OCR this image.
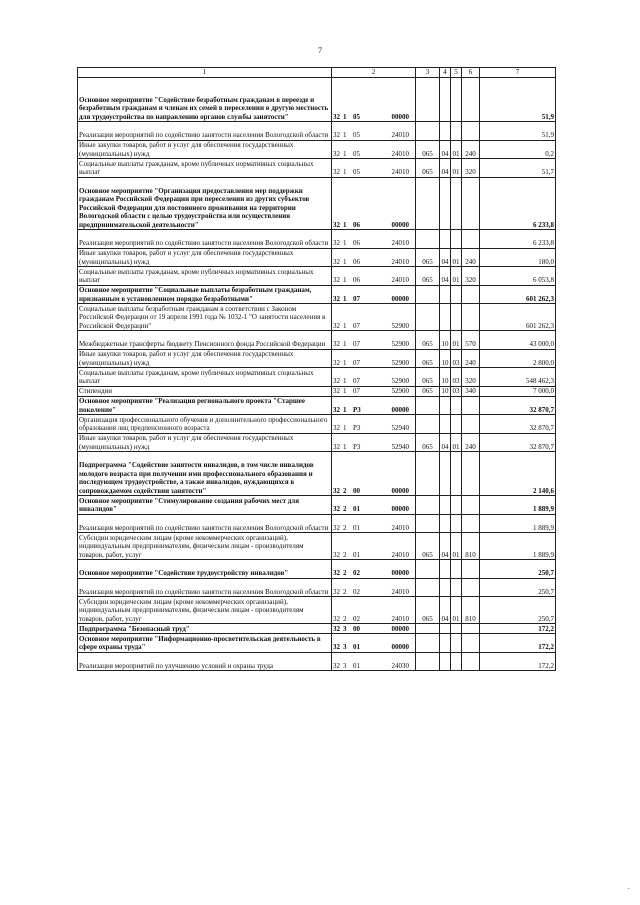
7
1	2	3	4	5	6	7
Основное мероприятие "Содействие безработным гражданам в переезде и безработным гражданам и членам их семей в переселении в другую местность для трудоустройства по направлению органов службы занятости"	32 1 05 00000					51,9
Реализация мероприятий по содействию занятости населения Вологодской области	32 1 05 24010					51,9
Иные закупки товаров, работ и услуг для обеспечения государственных (муниципальных) нужд	32 1 05 24010	065	04	01	240	0,2
Социальные выплаты гражданам, кроме публичных нормативных социальных выплат	32 1 05 24010	065	04	01	320	51,7
Основное мероприятие "Организация предоставления мер поддержки гражданам Российской Федерации при переселении из других субъектов Российской Федерации для постоянного проживания на территории Вологодской области с целью трудоустройства или осуществления предпринимательской деятельности"	32 1 06 00000					6 233,8
Реализация мероприятий по содействию занятости населения Вологодской области	32 1 06 24010					6 233,8
Иные закупки товаров, работ и услуг для обеспечения государственных (муниципальных) нужд	32 1 06 24010	065	04	01	240	180,0
Социальные выплаты гражданам, кроме публичных нормативных социальных выплат	32 1 06 24010	065	04	01	320	6 053,8
Основное мероприятие "Социальные выплаты безработным гражданам, признанным в установленном порядке безработными"	32 1 07 00000					601 262,3
Социальные выплаты безработным гражданам в соответствии с Законом Российской Федерации от 19 апреля 1991 года № 1032-1 "О занятости населения в Российской Федерации"	32 1 07 52900					601 262,3
Межбюджетные трансферты бюджету Пенсионного фонда Российской Федерации	32 1 07 52900	065	10	01	570	43 000,0
Иные закупки товаров, работ и услуг для обеспечения государственных (муниципальных) нужд	32 1 07 52900	065	10	03	240	2 800,0
Социальные выплаты гражданам, кроме публичных нормативных социальных выплат	32 1 07 52900	065	10	03	320	548 462,3
Стипендии	32 1 07 52900	065	10	03	340	7 000,0
Основное мероприятие "Реализация регионального проекта "Старшее поколение"	32 1 P3 00000					32 870,7
Организация профессионального обучения и дополнительного профессионального образования лиц предпенсионного возраста	32 1 P3 52940					32 870,7
Иные закупки товаров, работ и услуг для обеспечения государственных (муниципальных) нужд	32 1 P3 52940	065	04	01	240	32 870,7
Подпрограмма "Содействие занятости инвалидов, в том числе инвалидов молодого возраста при получении ими профессионального образования и последующем трудоустройстве, а также инвалидов, нуждающихся в сопровождаемом содействии занятости"	32 2 00 00000					2 140,6
Основное мероприятие "Стимулирование создания рабочих мест для инвалидов"	32 2 01 00000					1 889,9
Реализация мероприятий по содействию занятости населения Вологодской области	32 2 01 24010					1 889,9
Субсидии юридическим лицам (кроме некоммерческих организаций), индивидуальным предпринимателям, физическим лицам - производителям товаров, работ, услуг	32 2 01 24010	065	04	01	810	1 889,9
Основное мероприятие "Содействие трудоустройству инвалидов"	32 2 02 00000					250,7
Реализация мероприятий по содействию занятости населения Вологодской области	32 2 02 24010					250,7
Субсидии юридическим лицам (кроме некоммерческих организаций), индивидуальным предпринимателям, физическим лицам - производителям товаров, работ, услуг	32 2 02 24010	065	04	01	810	250,7
Подпрограмма "Безопасный труд"	32 3 00 00000					172,2
Основное мероприятие "Информационно-просветительская деятельность в сфере охраны труда"	32 3 01 00000					172,2
Реализация мероприятий по улучшению условий и охраны труда	32 3 01 24030					172,2
·
